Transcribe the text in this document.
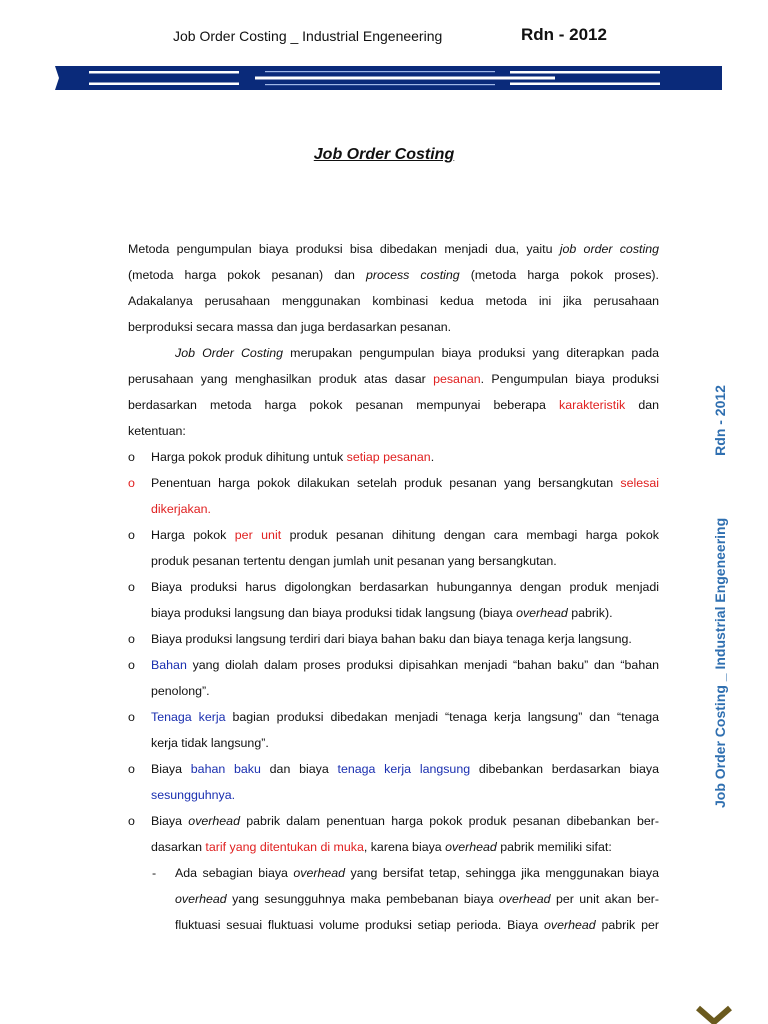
Job Order Costing _ Industrial Engeneering	Rdn - 2012
Job Order Costing _ Industrial EngeneeringRdn - 2012
Job Order Costing
Metoda pengumpulan biaya produksi bisa dibedakan menjadi dua, yaitu job order costing
(metoda harga pokok pesanan) dan process costing (metoda harga pokok proses).
Adakalanya perusahaan menggunakan kombinasi kedua metoda ini jika perusahaan
berproduksi secara massa dan juga berdasarkan pesanan.
Job Order Costing merupakan pengumpulan biaya produksi yang diterapkan pada
perusahaan yang menghasilkan produk atas dasar pesanan. Pengumpulan biaya produksi
berdasarkan metoda harga pokok pesanan mempunyai beberapa karakteristik dan
ketentuan:
o Harga pokok produk dihitung untuk setiap pesanan.
o Penentuan harga pokok dilakukan setelah produk pesanan yang bersangkutan selesai
dikerjakan.
o Harga pokok per unit produk pesanan dihitung dengan cara membagi harga pokok
produk pesanan tertentu dengan jumlah unit pesanan yang bersangkutan.
o Biaya produksi harus digolongkan berdasarkan hubungannya dengan produk menjadi
biaya produksi langsung dan biaya produksi tidak langsung (biaya overhead pabrik).
o Biaya produksi langsung terdiri dari biaya bahan baku dan biaya tenaga kerja langsung.
o Bahan yang diolah dalam proses produksi dipisahkan menjadi “bahan baku” dan “bahan
penolong”.
o Tenaga kerja bagian produksi dibedakan menjadi “tenaga kerja langsung” dan “tenaga
kerja tidak langsung”.
o Biaya bahan baku dan biaya tenaga kerja langsung dibebankan berdasarkan biaya
sesungguhnya.
o Biaya overhead pabrik dalam penentuan harga pokok produk pesanan dibebankan ber-
dasarkan tarif yang ditentukan di muka, karena biaya overhead pabrik memiliki sifat:
- Ada sebagian biaya overhead yang bersifat tetap, sehingga jika menggunakan biaya
overhead yang sesungguhnya maka pembebanan biaya overhead per unit akan ber-
fluktuasi sesuai fluktuasi volume produksi setiap perioda. Biaya overhead pabrik per
